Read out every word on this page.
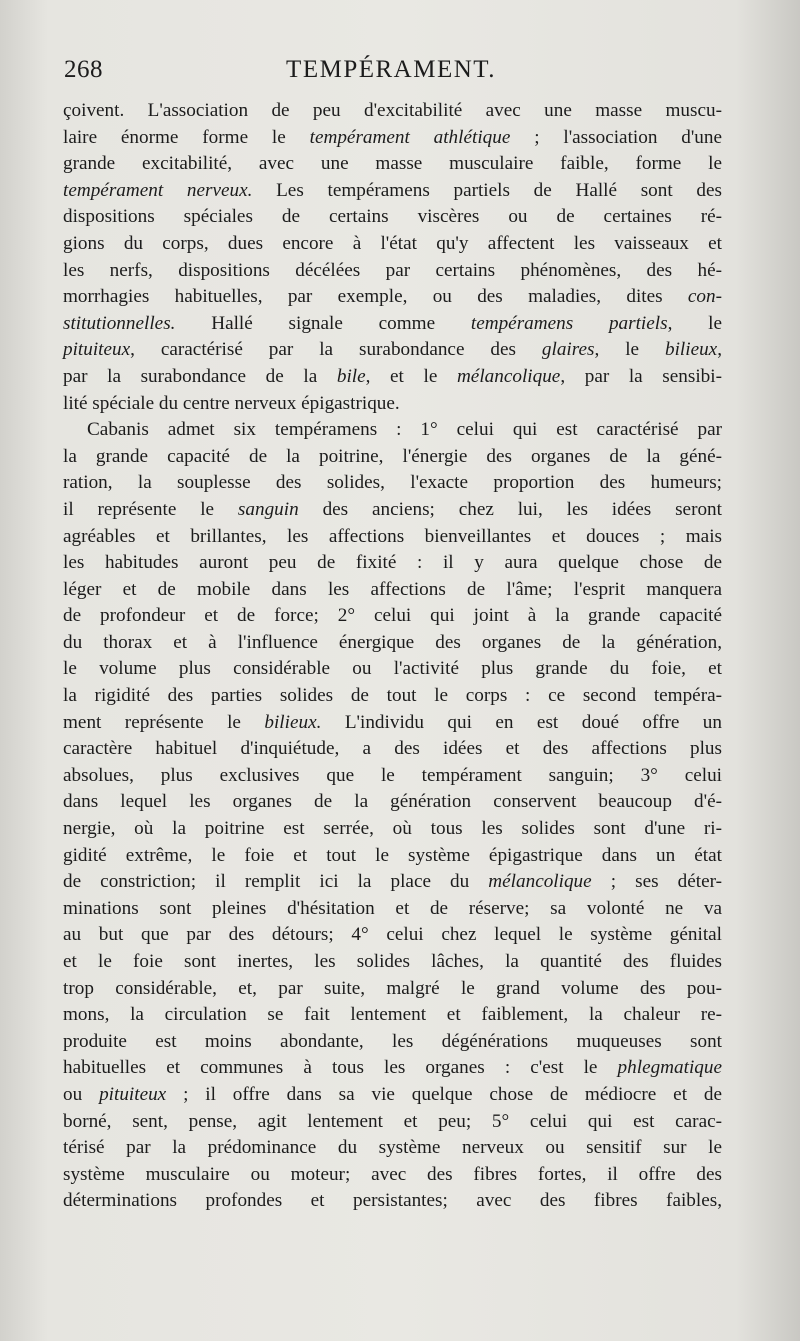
268	TEMPÉRAMENT.
çoivent. L'association de peu d'excitabilité avec une masse muscu-
laire énorme forme le tempérament athlétique ; l'association d'une
grande excitabilité, avec une masse musculaire faible, forme le
tempérament nerveux. Les tempéramens partiels de Hallé sont des
dispositions spéciales de certains viscères ou de certaines ré-
gions du corps, dues encore à l'état qu'y affectent les vaisseaux et
les nerfs, dispositions décélées par certains phénomènes, des hé-
morrhagies habituelles, par exemple, ou des maladies, dites con-
stitutionnelles. Hallé signale comme tempéramens partiels, le
pituiteux, caractérisé par la surabondance des glaires, le bilieux,
par la surabondance de la bile, et le mélancolique, par la sensibi-
lité spéciale du centre nerveux épigastrique.
Cabanis admet six tempéramens : 1° celui qui est caractérisé par
la grande capacité de la poitrine, l'énergie des organes de la géné-
ration, la souplesse des solides, l'exacte proportion des humeurs;
il représente le sanguin des anciens; chez lui, les idées seront
agréables et brillantes, les affections bienveillantes et douces ; mais
les habitudes auront peu de fixité : il y aura quelque chose de
léger et de mobile dans les affections de l'âme; l'esprit manquera
de profondeur et de force; 2° celui qui joint à la grande capacité
du thorax et à l'influence énergique des organes de la génération,
le volume plus considérable ou l'activité plus grande du foie, et
la rigidité des parties solides de tout le corps : ce second tempéra-
ment représente le bilieux. L'individu qui en est doué offre un
caractère habituel d'inquiétude, a des idées et des affections plus
absolues, plus exclusives que le tempérament sanguin; 3° celui
dans lequel les organes de la génération conservent beaucoup d'é-
nergie, où la poitrine est serrée, où tous les solides sont d'une ri-
gidité extrême, le foie et tout le système épigastrique dans un état
de constriction; il remplit ici la place du mélancolique ; ses déter-
minations sont pleines d'hésitation et de réserve; sa volonté ne va
au but que par des détours; 4° celui chez lequel le système génital
et le foie sont inertes, les solides lâches, la quantité des fluides
trop considérable, et, par suite, malgré le grand volume des pou-
mons, la circulation se fait lentement et faiblement, la chaleur re-
produite est moins abondante, les dégénérations muqueuses sont
habituelles et communes à tous les organes : c'est le phlegmatique
ou pituiteux ; il offre dans sa vie quelque chose de médiocre et de
borné, sent, pense, agit lentement et peu; 5° celui qui est carac-
térisé par la prédominance du système nerveux ou sensitif sur le
système musculaire ou moteur; avec des fibres fortes, il offre des
déterminations profondes et persistantes; avec des fibres faibles,
